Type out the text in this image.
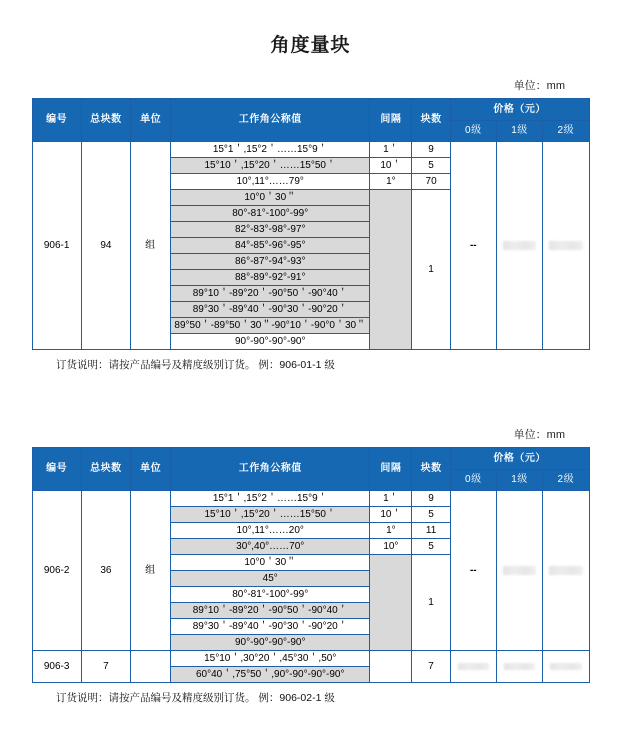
角度量块
单位：mm
编号	总块数	单位	工作角公称值	间隔	块数	价格（元）		
						0级	1级	2级
906-1	94	组	15°1＇,15°2＇……15°9＇	1＇	9	--	

			15°10＇,15°20＇……15°50＇	10＇	5			
			10°,11°……79°	1°	70			
			10°0＇30＂		1			
			80°-81°-100°-99°					
			82°-83°-98°-97°					
			84°-85°-96°-95°					
			86°-87°-94°-93°					
			88°-89°-92°-91°					
			89°10＇-89°20＇-90°50＇-90°40＇					
			89°30＇-89°40＇-90°30＇-90°20＇					
			89°50＇-89°50＇30＂-90°10＇-90°0＇30＂					
			90°-90°-90°-90°					
订货说明：请按产品编号及精度级别订货。 例：906-01-1 级
单位：mm
编号	总块数	单位	工作角公称值	间隔	块数	价格（元）		
						0级	1级	2级
906-2	36	组	15°1＇,15°2＇……15°9＇	1＇	9	--	

			15°10＇,15°20＇……15°50＇	10＇	5			
			10°,11°……20°	1°	11			
			30°,40°……70°	10°	5			
			10°0＇30＂		1			
			45°					
			80°-81°-100°-99°					
			89°10＇-89°20＇-90°50＇-90°40＇					
			89°30＇-89°40＇-90°30＇-90°20＇					
			90°-90°-90°-90°					
906-3	7		15°10＇,30°20＇,45°30＇,50°		7	

			60°40＇,75°50＇,90°-90°-90°-90°					
订货说明：请按产品编号及精度级别订货。 例：906-02-1 级
